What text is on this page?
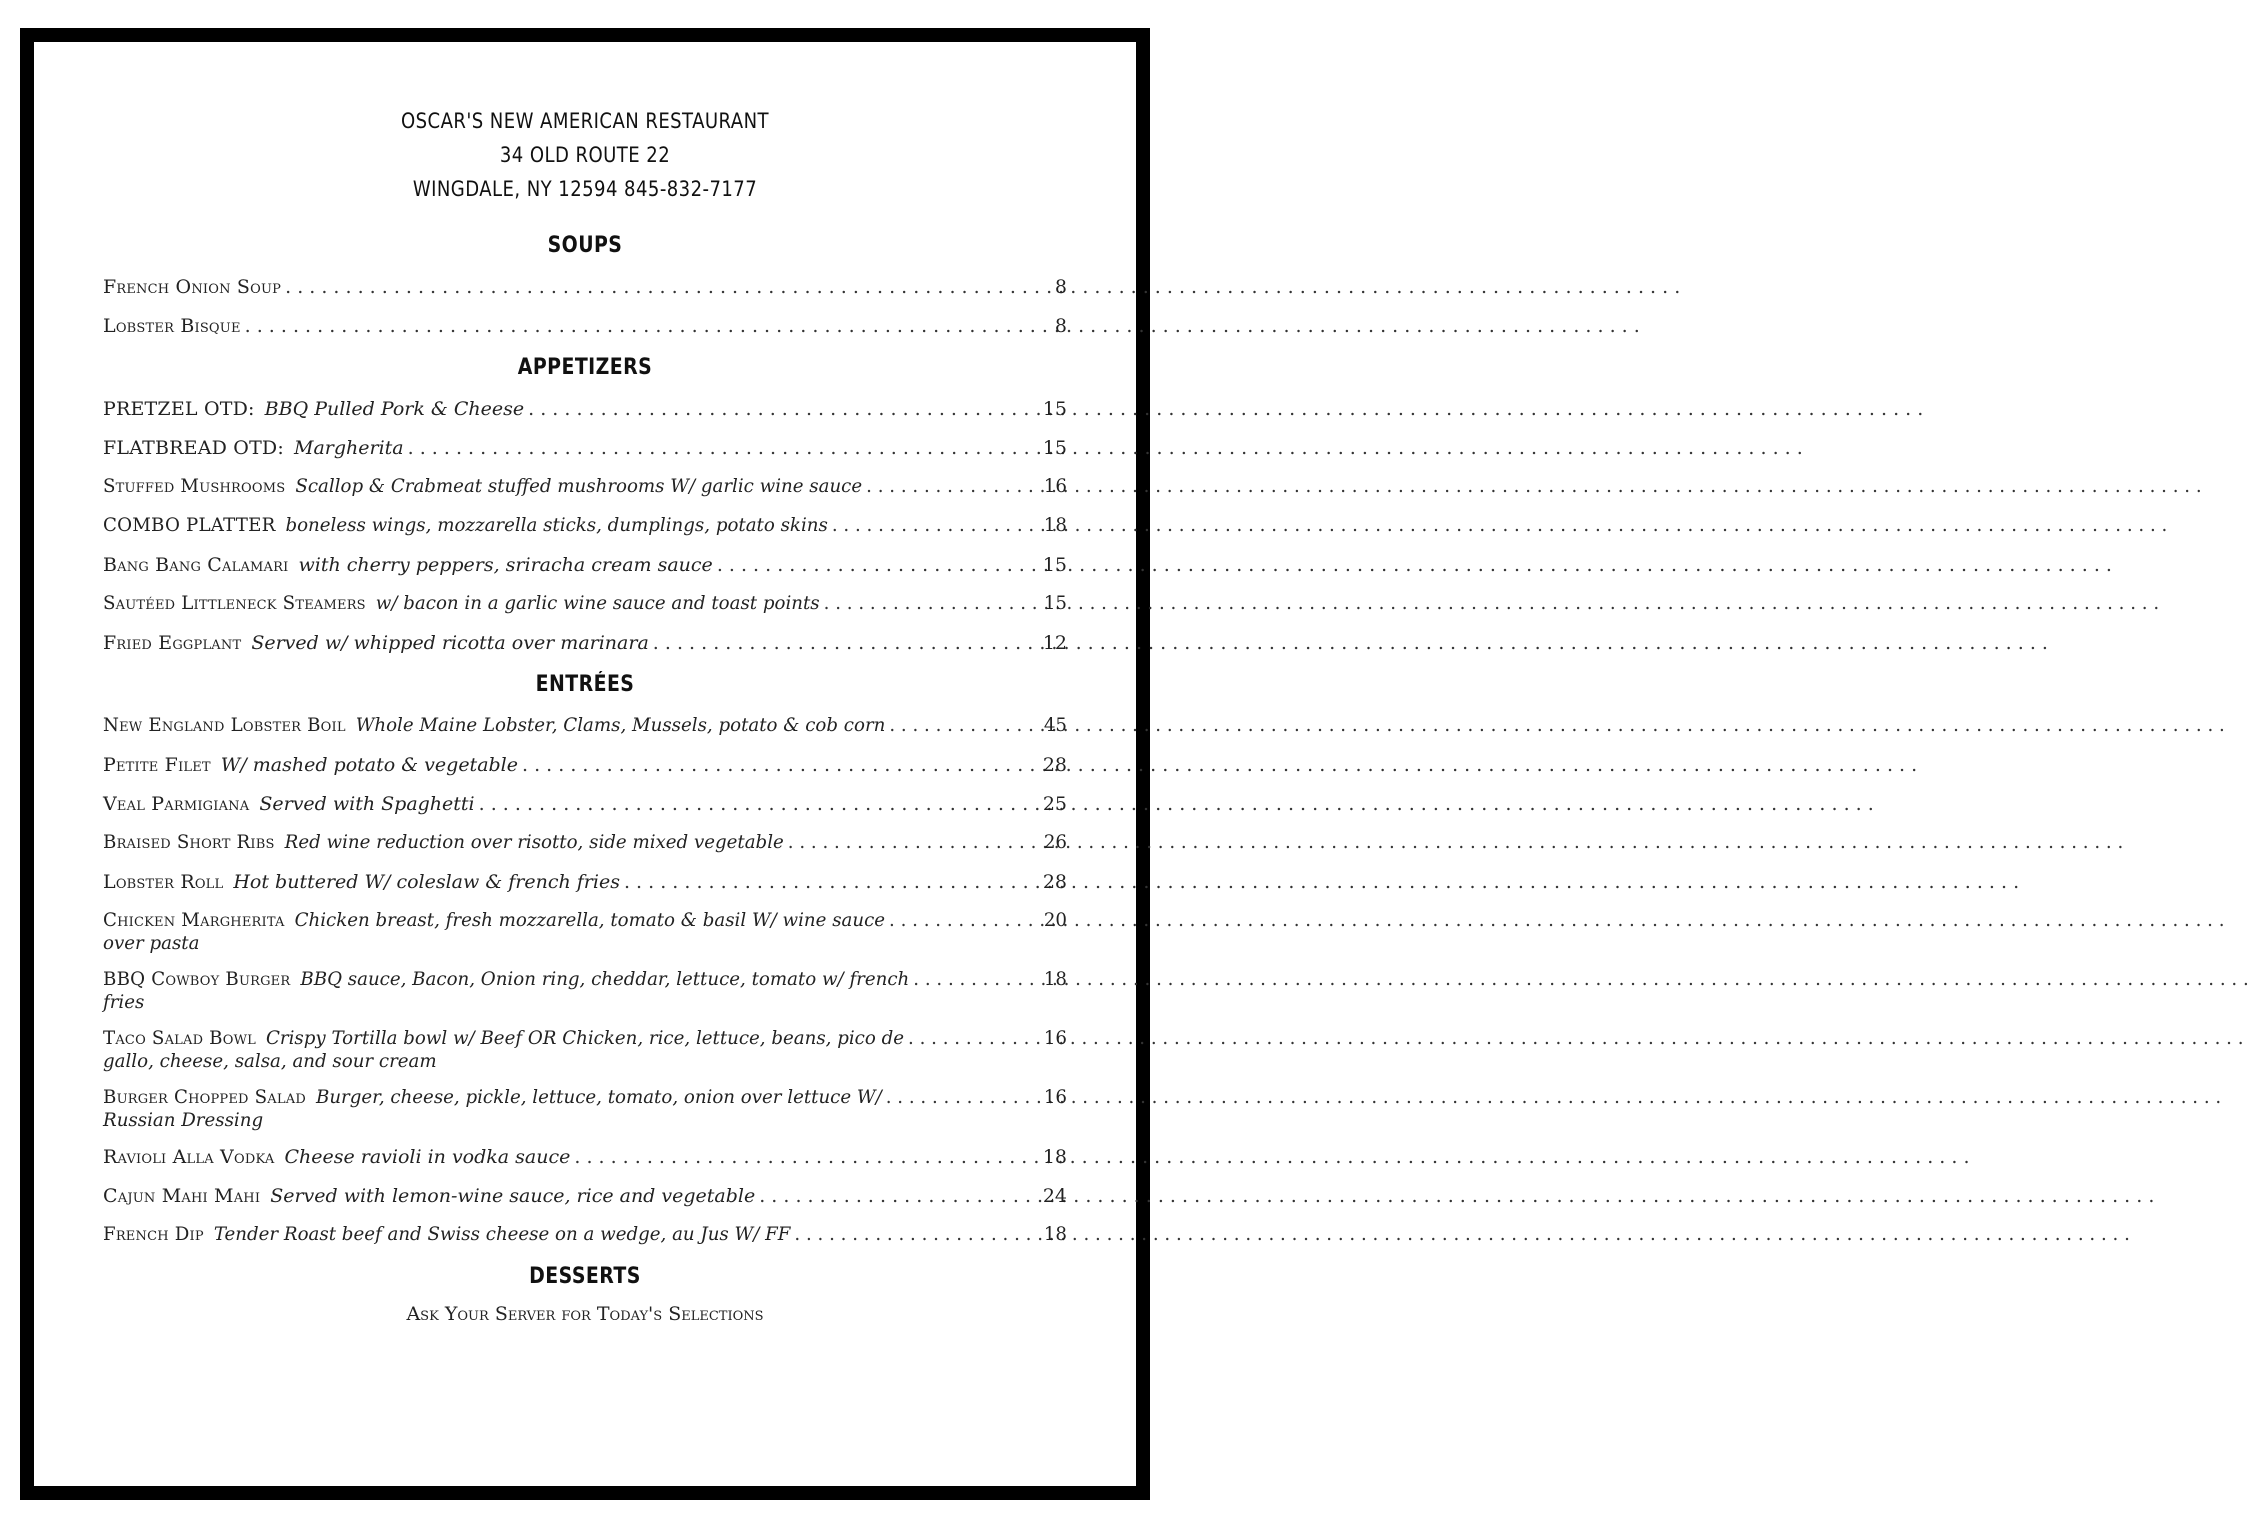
OSCAR'S NEW AMERICAN RESTAURANT
34 OLD ROUTE 22
WINGDALE, NY 12594 845-832-7177
SOUPS
French Onion Soup . . .	8
Lobster Bisque . . .	8
APPETIZERS
PRETZEL OTD: BBQ Pulled Pork & Cheese . . .	15
FLATBREAD OTD: Margherita . . .	15
Stuffed Mushrooms Scallop & Crabmeat stuffed mushrooms W/ garlic wine sauce . . .	16
COMBO PLATTER boneless wings, mozzarella sticks, dumplings, potato skins . . .	18
Bang Bang Calamari with cherry peppers, sriracha cream sauce . . .	15
Sautéed Littleneck Steamers w/ bacon in a garlic wine sauce and toast points . . .	15
Fried Eggplant Served w/ whipped ricotta over marinara . . .	12
ENTRÉES
New England Lobster Boil Whole Maine Lobster, Clams, Mussels, potato & cob corn . . .	45
Petite Filet W/ mashed potato & vegetable . . .	28
Veal Parmigiana Served with Spaghetti . . .	25
Braised Short Ribs Red wine reduction over risotto, side mixed vegetable . . .	26
Lobster Roll Hot buttered W/ coleslaw & french fries . . .	28
Chicken Margherita Chicken breast, fresh mozzarella, tomato & basil W/ wine sauce . . .	20
over pasta
BBQ Cowboy Burger BBQ sauce, Bacon, Onion ring, cheddar, lettuce, tomato w/ french . . .	18
fries
Taco Salad Bowl Crispy Tortilla bowl w/ Beef OR Chicken, rice, lettuce, beans, pico de . . .	16
gallo, cheese, salsa, and sour cream
Burger Chopped Salad Burger, cheese, pickle, lettuce, tomato, onion over lettuce W/ . . .	16
Russian Dressing
Ravioli Alla Vodka Cheese ravioli in vodka sauce . . .	18
Cajun Mahi Mahi Served with lemon-wine sauce, rice and vegetable . . .	24
French Dip Tender Roast beef and Swiss cheese on a wedge, au Jus W/ FF . . .	18
DESSERTS
Ask Your Server for Today's Selections
